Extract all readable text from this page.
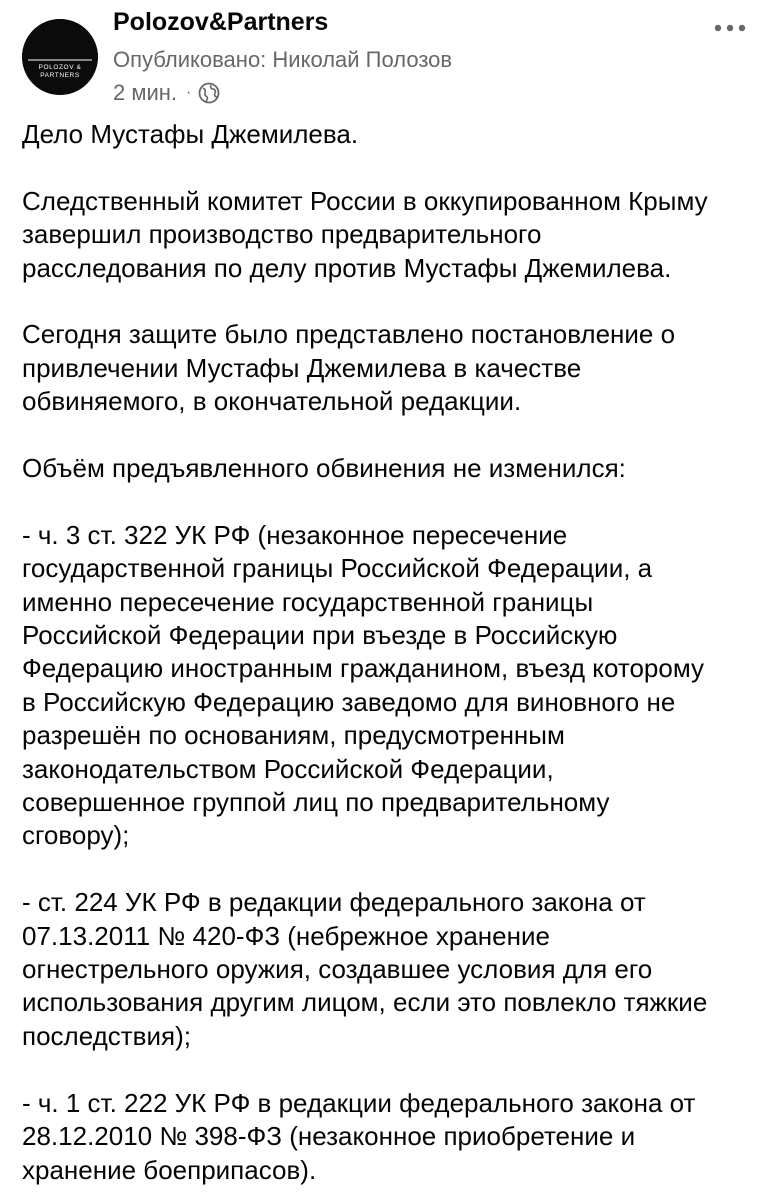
POLOZOV &
PARTNERS
Polozov&Partners
Опубликовано: Николай Полозов
2 мин. ·

Дело Мустафы Джемилева.

Следственный комитет России в оккупированном Крыму
завершил производство предварительного
расследования по делу против Мустафы Джемилева.

Сегодня защите было представлено постановление о
привлечении Мустафы Джемилева в качестве
обвиняемого, в окончательной редакции.

Объём предъявленного обвинения не изменился:

- ч. 3 ст. 322 УК РФ (незаконное пересечение
государственной границы Российской Федерации, а
именно пересечение государственной границы
Российской Федерации при въезде в Российскую
Федерацию иностранным гражданином, въезд которому
в Российскую Федерацию заведомо для виновного не
разрешён по основаниям, предусмотренным
законодательством Российской Федерации,
совершенное группой лиц по предварительному
сговору);

- ст. 224 УК РФ в редакции федерального закона от
07.13.2011 № 420-ФЗ (небрежное хранение
огнестрельного оружия, создавшее условия для его
использования другим лицом, если это повлекло тяжкие
последствия);

- ч. 1 ст. 222 УК РФ в редакции федерального закона от
28.12.2010 № 398-ФЗ (незаконное приобретение и
хранение боеприпасов).
